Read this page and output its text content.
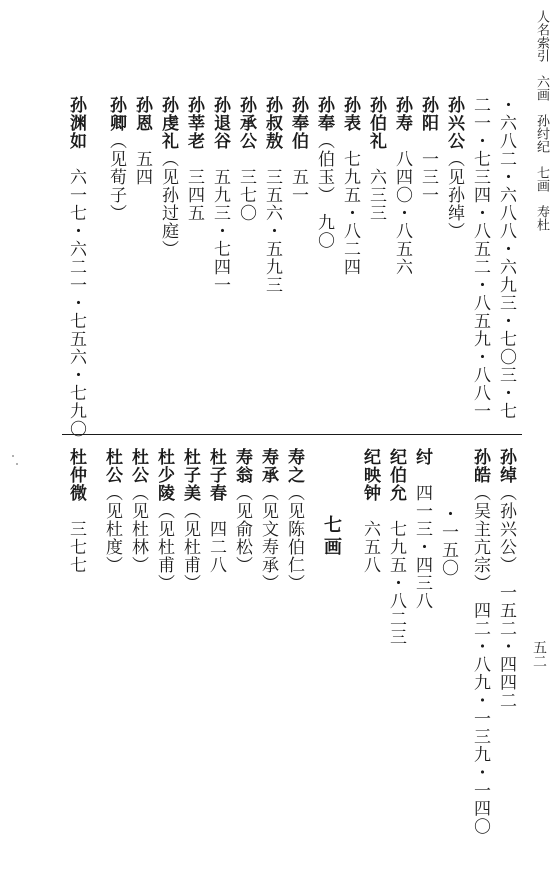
人名索引　六画　孙纣纪　七画　寿杜
五二
・六八二・六八八・六九三・七〇三・七
二一・七三四・八五二・八五九・八八一
孙兴公（见孙绰）
孙阳　一三一
孙寿　八四〇・八五六
孙伯礼　六三三
孙表　七九五・八二四
孙奉（伯玉）　九〇
孙奉伯　五一
孙叔敖　三五六・五九三
孙承公　三七〇
孙退谷　五九三・七四一
孙莘老　三四五
孙虔礼（见孙过庭）
孙恩　五四
孙卿（见荀子）
孙渊如　六一七・六二一・七五六・七九〇
孙绰（孙兴公）　一五二・四四二
孙皓（吴主亢宗）　四二・八九・一三九・一四〇
・一五〇
纣　四一三・四三八
纪伯允　七九五・八二三
纪映钟　六五八
七画
寿之（见陈伯仁）
寿承（见文寿承）
寿翁（见俞松）
杜子春　四二八
杜子美（见杜甫）
杜少陵（见杜甫）
杜公（见杜林）
杜公（见杜度）
杜仲微　三七七
